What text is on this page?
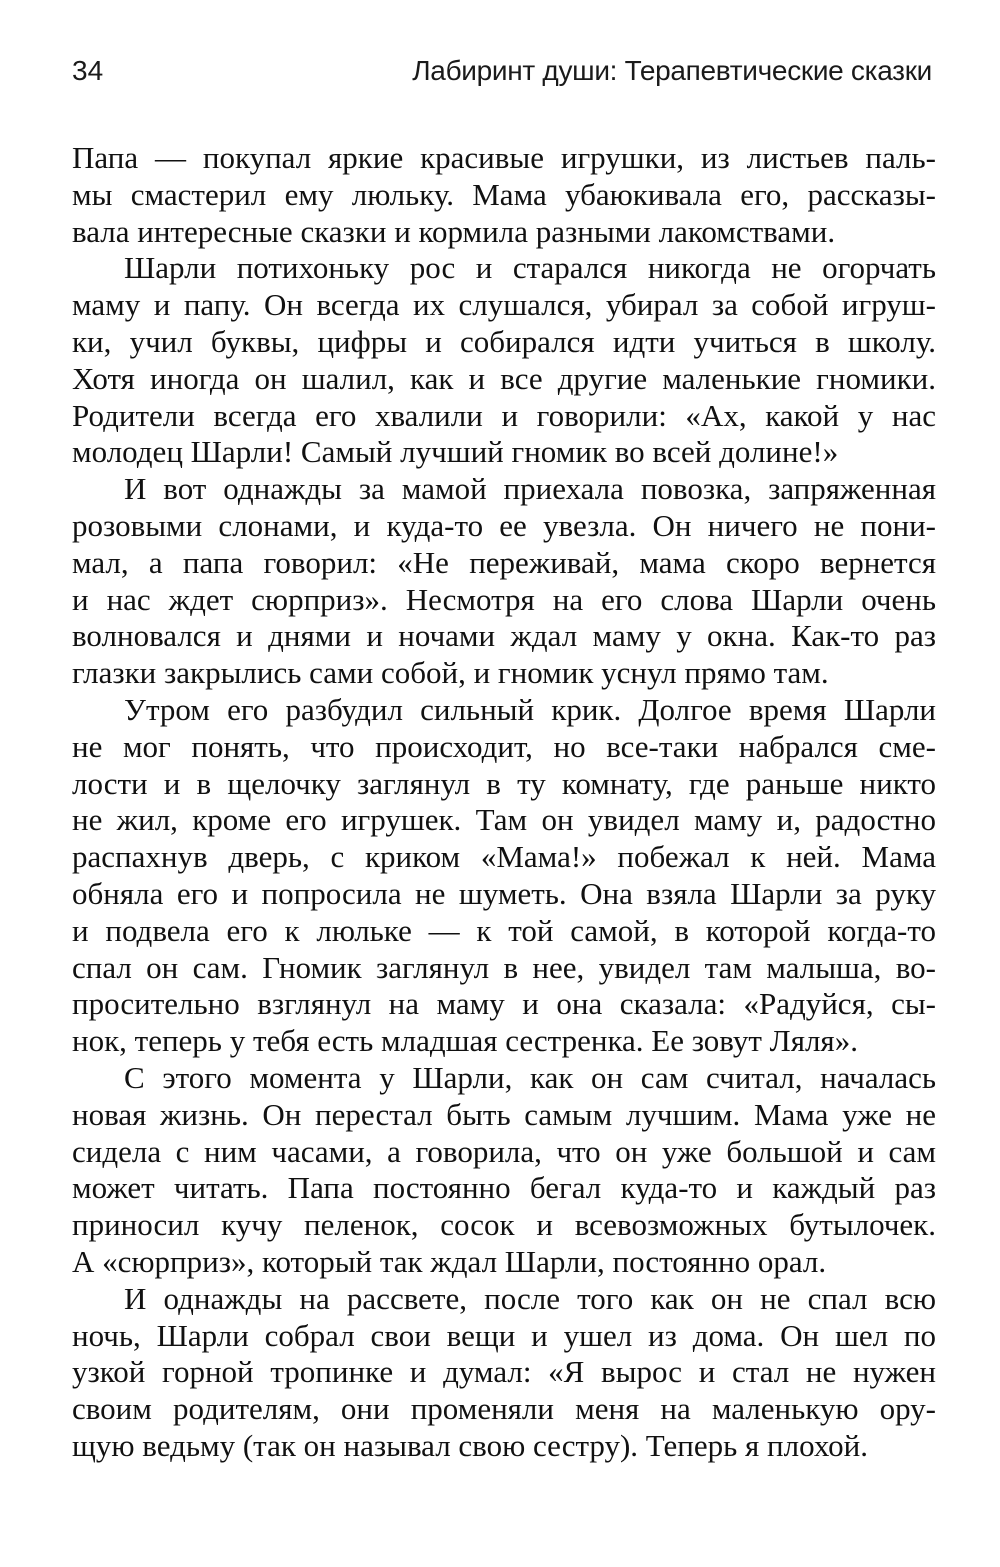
34	Лабиринт души: Терапевтические сказки
Папа — покупал яркие красивые игрушки, из листьев паль-
мы смастерил ему люльку. Мама убаюкивала его, рассказы-
вала интересные сказки и кормила разными лакомствами.
Шарли потихоньку рос и старался никогда не огорчать
маму и папу. Он всегда их слушался, убирал за собой игруш-
ки, учил буквы, цифры и собирался идти учиться в школу.
Хотя иногда он шалил, как и все другие маленькие гномики.
Родители всегда его хвалили и говорили: «Ах, какой у нас
молодец Шарли! Самый лучший гномик во всей долине!»
И вот однажды за мамой приехала повозка, запряженная
розовыми слонами, и куда-то ее увезла. Он ничего не пони-
мал, а папа говорил: «Не переживай, мама скоро вернется
и нас ждет сюрприз». Несмотря на его слова Шарли очень
волновался и днями и ночами ждал маму у окна. Как-то раз
глазки закрылись сами собой, и гномик уснул прямо там.
Утром его разбудил сильный крик. Долгое время Шарли
не мог понять, что происходит, но все-таки набрался сме-
лости и в щелочку заглянул в ту комнату, где раньше никто
не жил, кроме его игрушек. Там он увидел маму и, радостно
распахнув дверь, с криком «Мама!» побежал к ней. Мама
обняла его и попросила не шуметь. Она взяла Шарли за руку
и подвела его к люльке — к той самой, в которой когда-то
спал он сам. Гномик заглянул в нее, увидел там малыша, во-
просительно взглянул на маму и она сказала: «Радуйся, сы-
нок, теперь у тебя есть младшая сестренка. Ее зовут Ляля».
С этого момента у Шарли, как он сам считал, началась
новая жизнь. Он перестал быть самым лучшим. Мама уже не
сидела с ним часами, а говорила, что он уже большой и сам
может читать. Папа постоянно бегал куда-то и каждый раз
приносил кучу пеленок, сосок и всевозможных бутылочек.
А «сюрприз», который так ждал Шарли, постоянно орал.
И однажды на рассвете, после того как он не спал всю
ночь, Шарли собрал свои вещи и ушел из дома. Он шел по
узкой горной тропинке и думал: «Я вырос и стал не нужен
своим родителям, они променяли меня на маленькую ору-
щую ведьму (так он называл свою сестру). Теперь я плохой.
